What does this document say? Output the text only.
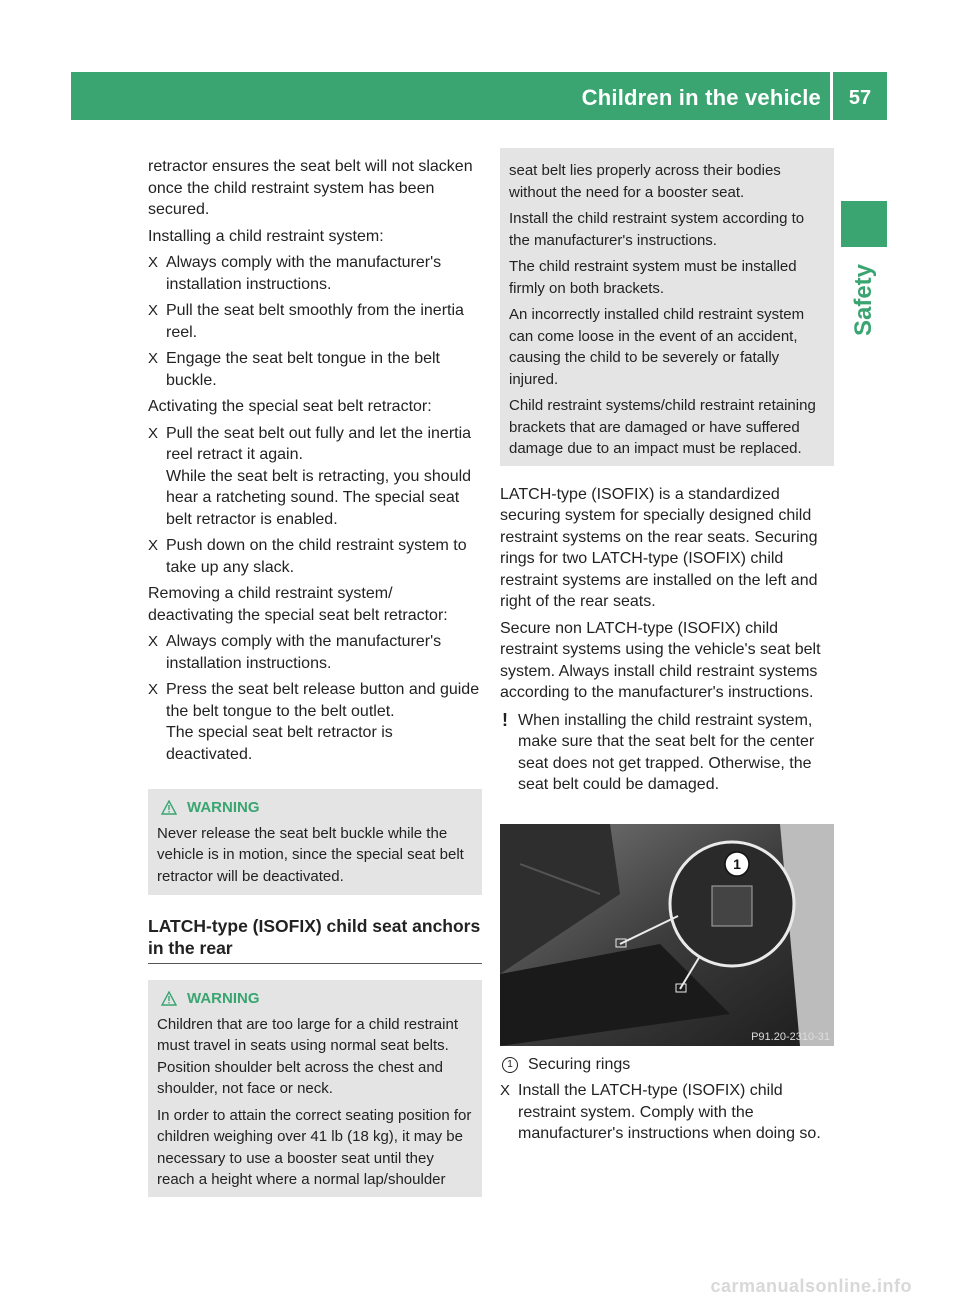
Children in the vehicle	57
Safety

retractor ensures the seat belt will not slacken once the child restraint system has been secured.

Installing a child restraint system:

X Always comply with the manufacturer's installation instructions.
X Pull the seat belt smoothly from the inertia reel.
X Engage the seat belt tongue in the belt buckle.

Activating the special seat belt retractor:

X Pull the seat belt out fully and let the inertia reel retract it again.
While the seat belt is retracting, you should hear a ratcheting sound. The special seat belt retractor is enabled.
X Push down on the child restraint system to take up any slack.

Removing a child restraint system/ deactivating the special seat belt retractor:

X Always comply with the manufacturer's installation instructions.
X Press the seat belt release button and guide the belt tongue to the belt outlet.
The special seat belt retractor is deactivated.
WARNING

Never release the seat belt buckle while the vehicle is in motion, since the special seat belt retractor will be deactivated.

LATCH-type (ISOFIX) child seat anchors in the rear
WARNING

Children that are too large for a child restraint must travel in seats using normal seat belts. Position shoulder belt across the chest and shoulder, not face or neck.

In order to attain the correct seating position for children weighing over 41 lb (18 kg), it may be necessary to use a booster seat until they reach a height where a normal lap/shoulder

seat belt lies properly across their bodies without the need for a booster seat.

Install the child restraint system according to the manufacturer's instructions.

The child restraint system must be installed firmly on both brackets.

An incorrectly installed child restraint system can come loose in the event of an accident, causing the child to be severely or fatally injured.

Child restraint systems/child restraint retaining brackets that are damaged or have suffered damage due to an impact must be replaced.

LATCH-type (ISOFIX) is a standardized securing system for specially designed child restraint systems on the rear seats. Securing rings for two LATCH-type (ISOFIX) child restraint systems are installed on the left and right of the rear seats.

Secure non LATCH-type (ISOFIX) child restraint systems using the vehicle's seat belt system. Always install child restraint systems according to the manufacturer's instructions.

! When installing the child restraint system, make sure that the seat belt for the center seat does not get trapped. Otherwise, the seat belt could be damaged.
1
P91.20-2310-31
1 Securing rings
X Install the LATCH-type (ISOFIX) child restraint system. Comply with the manufacturer's instructions when doing so.
carmanualsonline.info
